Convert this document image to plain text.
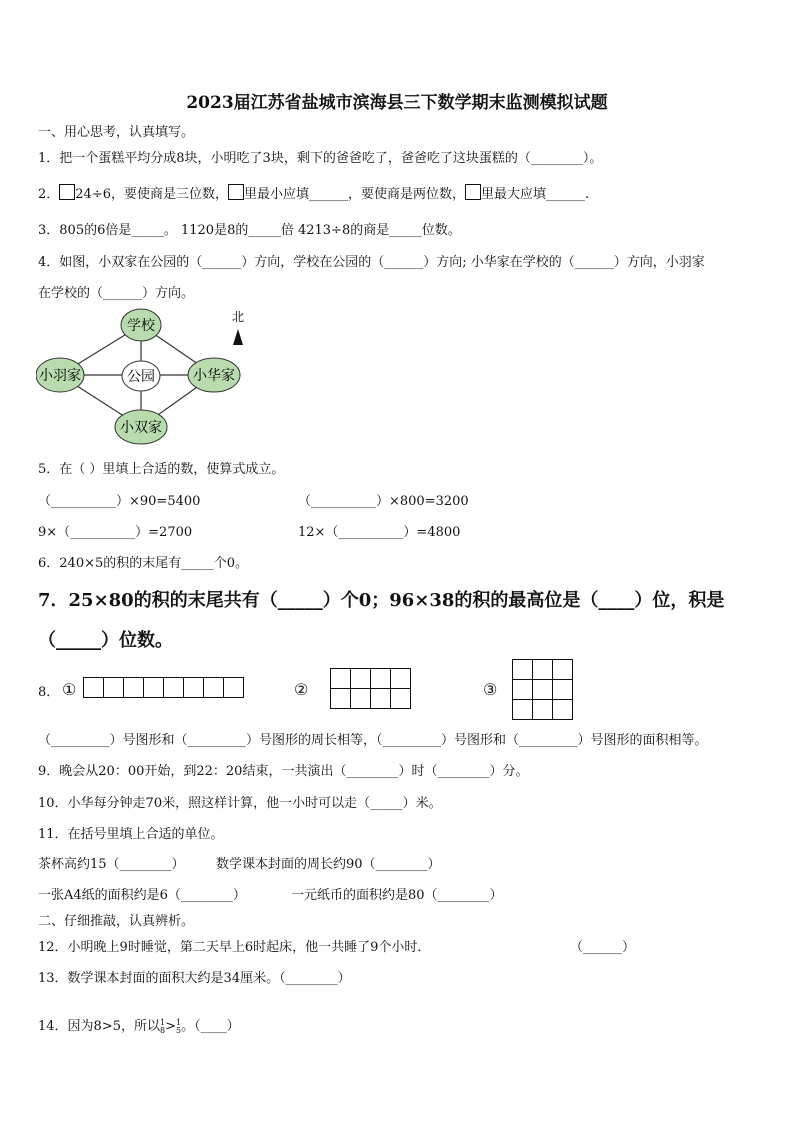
2023届江苏省盐城市滨海县三下数学期末监测模拟试题
一、用心思考，认真填写。
1．把一个蛋糕平均分成8块，小明吃了3块，剩下的爸爸吃了，爸爸吃了这块蛋糕的（________）。
2． 24÷6，要使商是三位数， 里最小应填______，要使商是两位数， 里最大应填______.
3．805的6倍是_____。 1120是8的_____倍 4213÷8的商是_____位数。
4．如图，小双家在公园的（______）方向，学校在公园的（______）方向; 小华家在学校的（______）方向，小羽家
在学校的（______）方向。
学校
公园
小羽家	小华家
小双家
北
5．在（ ）里填上合适的数，使算式成立。
（__________）×90=5400	（__________）×800=3200
9×（__________）=2700	12×（__________）=4800
6．240×5的积的末尾有_____个0。
7．25×80的积的末尾共有（_____）个0；96×38的积的最高位是（____）位，积是
（_____）位数。
8． ①	②	③
（_________）号图形和（_________）号图形的周长相等，（_________）号图形和（_________）号图形的面积相等。
9．晚会从20：00开始，到22：20结束，一共演出（________）时（________）分。
10．小华每分钟走70米，照这样计算，他一小时可以走（_____）米。
11．在括号里填上合适的单位。
茶杯高约15（________） 数学课本封面的周长约90（________）
一张A4纸的面积约是6（________）	一元纸币的面积约是80（________）
二、仔细推敲，认真辨析。
12．小明晚上9时睡觉，第二天早上6时起床，他一共睡了9个小时．	（______）
13．数学课本封面的面积大约是34厘米。（________）
14．因为8>5，所以 1
8 > 1
5 。（____）
